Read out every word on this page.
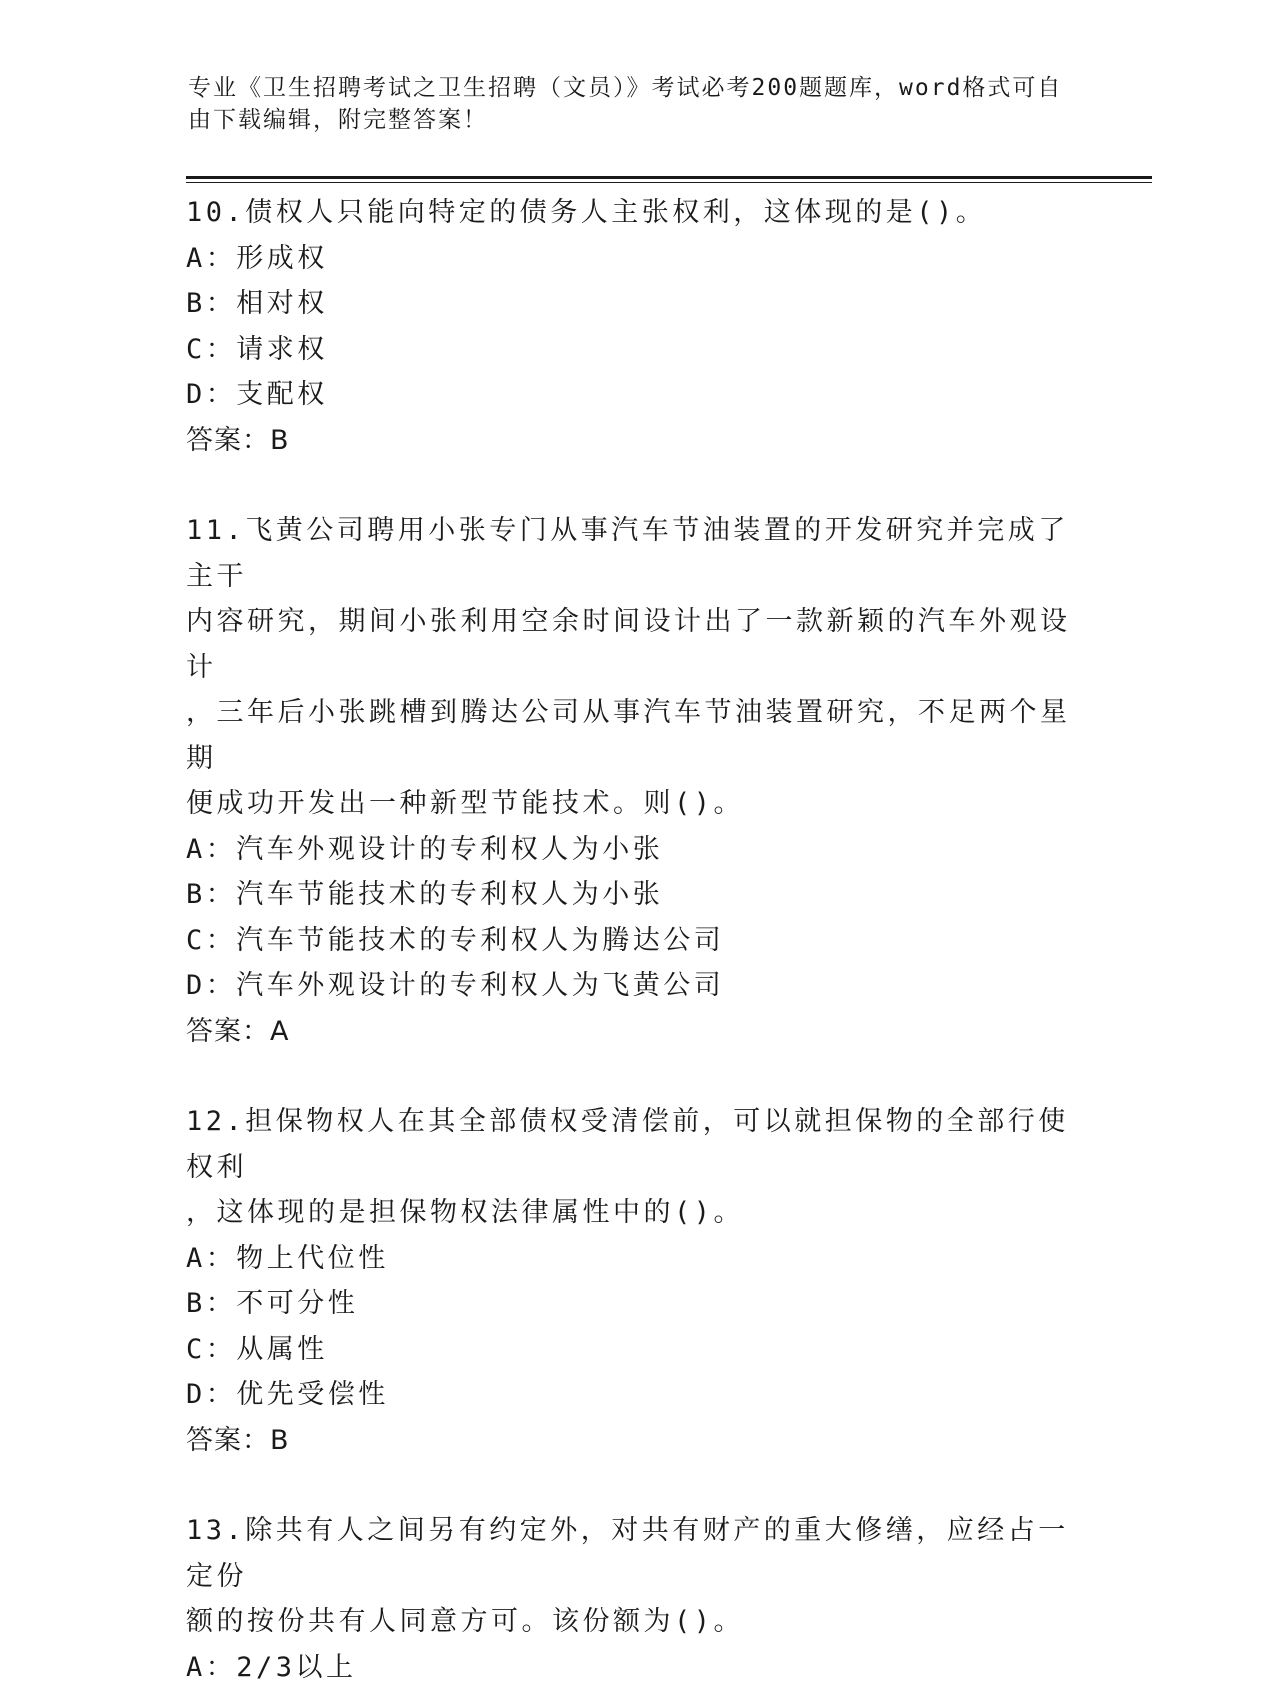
专业《卫生招聘考试之卫生招聘（文员）》考试必考200题题库，word格式可自
由下载编辑，附完整答案！
10.债权人只能向特定的债务人主张权利，这体现的是()。
A：形成权
B：相对权
C：请求权
D：支配权
答案：B
11.飞黄公司聘用小张专门从事汽车节油装置的开发研究并完成了主干
内容研究，期间小张利用空余时间设计出了一款新颖的汽车外观设计
，三年后小张跳槽到腾达公司从事汽车节油装置研究，不足两个星期
便成功开发出一种新型节能技术。则()。
A：汽车外观设计的专利权人为小张
B：汽车节能技术的专利权人为小张
C：汽车节能技术的专利权人为腾达公司
D：汽车外观设计的专利权人为飞黄公司
答案：A
12.担保物权人在其全部债权受清偿前，可以就担保物的全部行使权利
，这体现的是担保物权法律属性中的()。
A：物上代位性
B：不可分性
C：从属性
D：优先受偿性
答案：B
13.除共有人之间另有约定外，对共有财产的重大修缮，应经占一定份
额的按份共有人同意方可。该份额为()。
A：2/3以上
